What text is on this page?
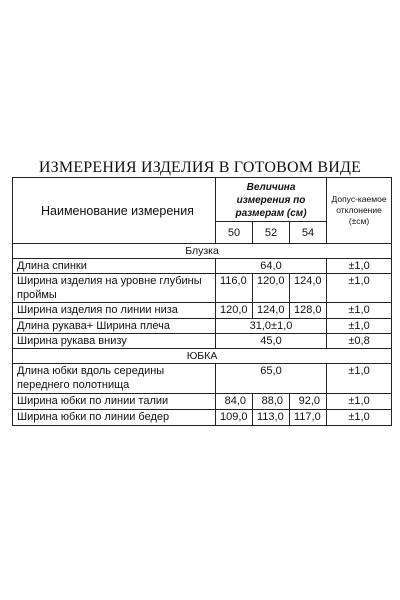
ИЗМЕРЕНИЯ ИЗДЕЛИЯ В ГОТОВОМ ВИДЕ
Наименование измерения	Величина измерения по размерам (см)			Допус-каемое отклонение (±см)
	50	52	54	
Блузка				
Длина спинки	64,0			±1,0
Ширина изделия на уровне глубины проймы	116,0	120,0	124,0	±1,0
Ширина изделия по линии низа	120,0	124,0	128,0	±1,0
Длина рукава+ Ширина плеча	31,0±1,0			±1,0
Ширина рукава внизу	45,0			±0,8
ЮБКА				
Длина юбки вдоль середины переднего полотнища	65,0			±1,0
Ширина юбки по линии талии	84,0	88,0	92,0	±1,0
Ширина юбки по линии бедер	109,0	113,0	117,0	±1,0
